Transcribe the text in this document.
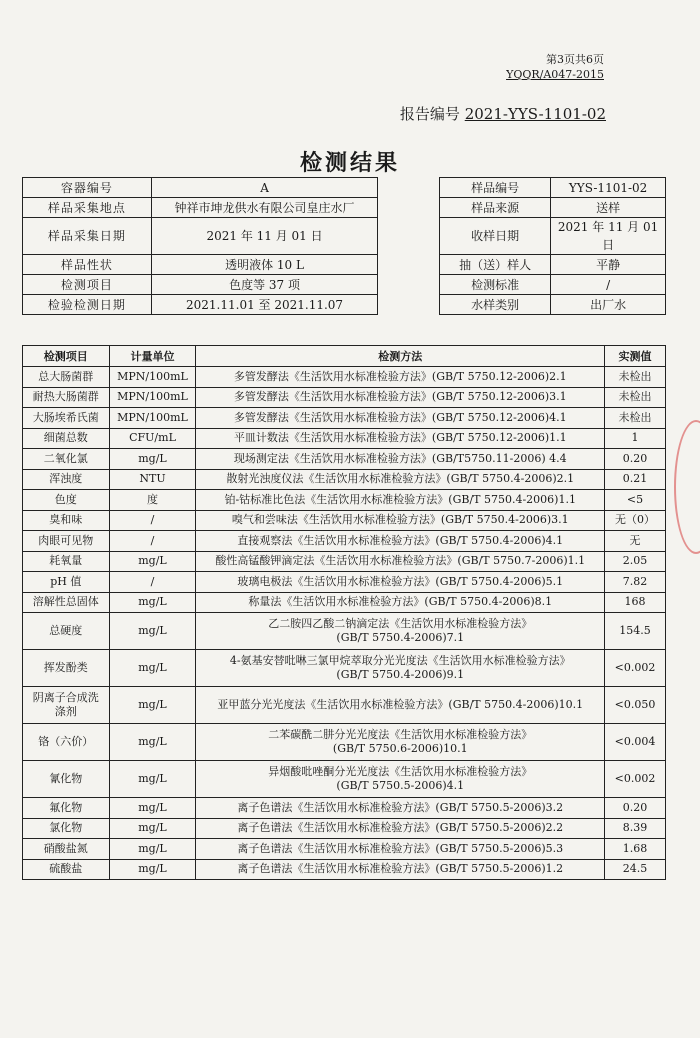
第3页共6页
YQQR/A047-2015
报告编号 2021-YYS-1101-02
检测结果
容器编号	A		样品编号	YYS-1101-02
样品采集地点	钟祥市坤龙供水有限公司皇庄水厂		样品来源	送样
样品采集日期	2021 年 11 月 01 日		收样日期	2021 年 11 月 01 日
样品性状	透明液体 10 L		抽（送）样人	平静
检测项目	色度等 37 项		检测标准	/
检验检测日期	2021.11.01 至 2021.11.07		水样类别	出厂水
检测项目	计量单位	检测方法	实测值

总大肠菌群	MPN/100mL	多管发酵法《生活饮用水标准检验方法》(GB/T 5750.12-2006)2.1	未检出

耐热大肠菌群	MPN/100mL	多管发酵法《生活饮用水标准检验方法》(GB/T 5750.12-2006)3.1	未检出

大肠埃希氏菌	MPN/100mL	多管发酵法《生活饮用水标准检验方法》(GB/T 5750.12-2006)4.1	未检出

细菌总数	CFU/mL	平皿计数法《生活饮用水标准检验方法》(GB/T 5750.12-2006)1.1	1

二氧化氯	mg/L	现场测定法《生活饮用水标准检验方法》(GB/T5750.11-2006) 4.4	0.20

浑浊度	NTU	散射光浊度仪法《生活饮用水标准检验方法》(GB/T 5750.4-2006)2.1	0.21

色度	度	铂-钴标准比色法《生活饮用水标准检验方法》(GB/T 5750.4-2006)1.1	<5

臭和味	/	嗅气和尝味法《生活饮用水标准检验方法》(GB/T 5750.4-2006)3.1	无（0）

肉眼可见物	/	直接观察法《生活饮用水标准检验方法》(GB/T 5750.4-2006)4.1	无

耗氧量	mg/L	酸性高锰酸钾滴定法《生活饮用水标准检验方法》(GB/T 5750.7-2006)1.1	2.05

pH 值	/	玻璃电极法《生活饮用水标准检验方法》(GB/T 5750.4-2006)5.1	7.82

溶解性总固体	mg/L	称量法《生活饮用水标准检验方法》(GB/T 5750.4-2006)8.1	168

总硬度	mg/L	乙二胺四乙酸二钠滴定法《生活饮用水标准检验方法》
(GB/T 5750.4-2006)7.1	154.5

挥发酚类	mg/L	4-氨基安替吡啉三氯甲烷萃取分光光度法《生活饮用水标准检验方法》
(GB/T 5750.4-2006)9.1	<0.002

阴离子合成洗
涤剂	mg/L	亚甲蓝分光光度法《生活饮用水标准检验方法》(GB/T 5750.4-2006)10.1	<0.050

铬（六价）	mg/L	二苯碳酰二肼分光光度法《生活饮用水标准检验方法》
(GB/T 5750.6-2006)10.1	<0.004

氰化物	mg/L	异烟酸吡唑酮分光光度法《生活饮用水标准检验方法》
(GB/T 5750.5-2006)4.1	<0.002

氟化物	mg/L	离子色谱法《生活饮用水标准检验方法》(GB/T 5750.5-2006)3.2	0.20

氯化物	mg/L	离子色谱法《生活饮用水标准检验方法》(GB/T 5750.5-2006)2.2	8.39

硝酸盐氮	mg/L	离子色谱法《生活饮用水标准检验方法》(GB/T 5750.5-2006)5.3	1.68

硫酸盐	mg/L	离子色谱法《生活饮用水标准检验方法》(GB/T 5750.5-2006)1.2	24.5
